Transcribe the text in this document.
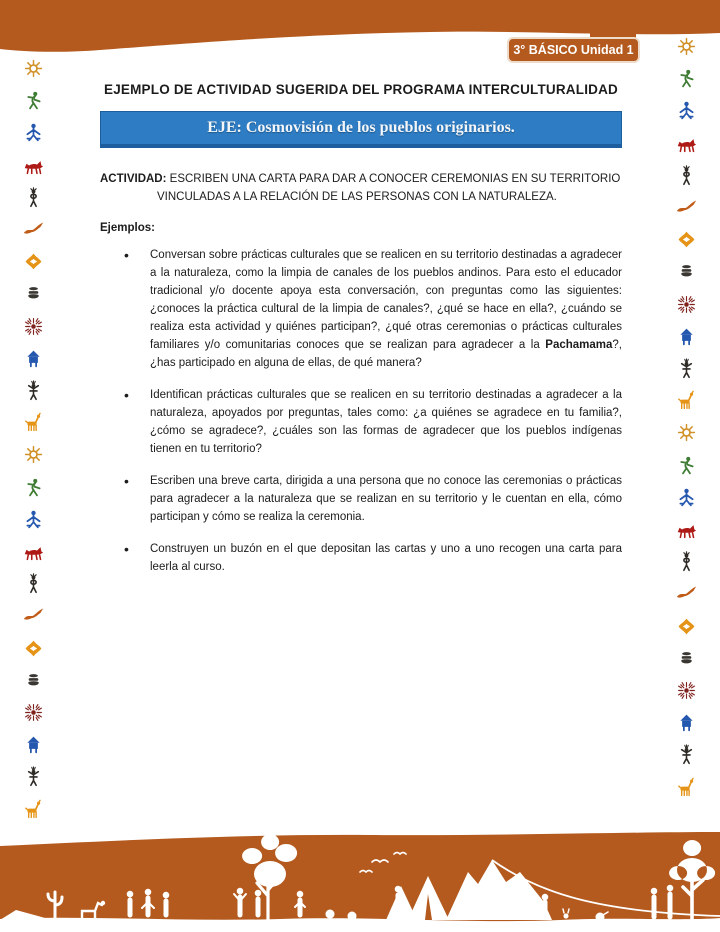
3° BÁSICO Unidad 1
EJEMPLO DE ACTIVIDAD SUGERIDA DEL PROGRAMA INTERCULTURALIDAD
EJE: Cosmovisión de los pueblos originarios.
ACTIVIDAD: ESCRIBEN UNA CARTA PARA DAR A CONOCER CEREMONIAS EN SU TERRITORIO
VINCULADAS A LA RELACIÓN DE LAS PERSONAS CON LA NATURALEZA.
Ejemplos:
• Conversan sobre prácticas culturales que se realicen en su territorio destinadas a agradecer a la naturaleza, como la limpia de canales de los pueblos andinos. Para esto el educador tradicional y/o docente apoya esta conversación, con preguntas como las siguientes: ¿conoces la práctica cultural de la limpia de canales?, ¿qué se hace en ella?, ¿cuándo se realiza esta actividad y quiénes participan?, ¿qué otras ceremonias o prácticas culturales familiares y/o comunitarias conoces que se realizan para agradecer a la Pachamama?, ¿has participado en alguna de ellas, de qué manera?
• Identifican prácticas culturales que se realicen en su territorio destinadas a agradecer a la naturaleza, apoyados por preguntas, tales como: ¿a quiénes se agradece en tu familia?, ¿cómo se agradece?, ¿cuáles son las formas de agradecer que los pueblos indígenas tienen en tu territorio?
• Escriben una breve carta, dirigida a una persona que no conoce las ceremonias o prácticas para agradecer a la naturaleza que se realizan en su territorio y le cuentan en ella, cómo participan y cómo se realiza la ceremonia.
• Construyen un buzón en el que depositan las cartas y uno a uno recogen una carta para leerla al curso.
